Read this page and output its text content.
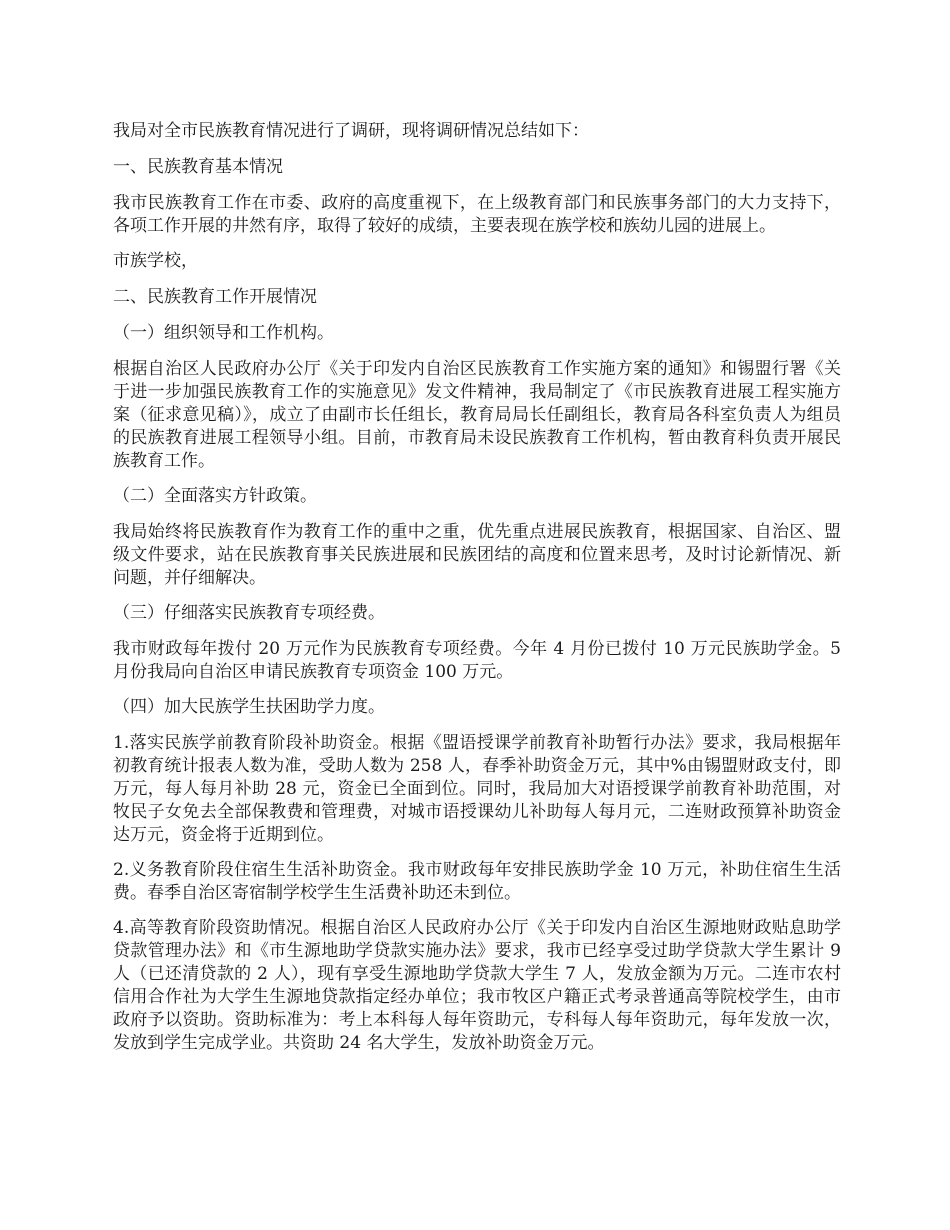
我局对全市民族教育情况进行了调研，现将调研情况总结如下：

一、民族教育基本情况

我市民族教育工作在市委、政府的高度重视下，在上级教育部门和民族事务部门的大力支持下，各项工作开展的井然有序，取得了较好的成绩，主要表现在族学校和族幼儿园的进展上。

市族学校，

二、民族教育工作开展情况

（一）组织领导和工作机构。

根据自治区人民政府办公厅《关于印发内自治区民族教育工作实施方案的通知》和锡盟行署《关于进一步加强民族教育工作的实施意见》发文件精神，我局制定了《市民族教育进展工程实施方案（征求意见稿）》，成立了由副市长任组长，教育局局长任副组长，教育局各科室负责人为组员的民族教育进展工程领导小组。目前，市教育局未设民族教育工作机构，暂由教育科负责开展民族教育工作。

（二）全面落实方针政策。

我局始终将民族教育作为教育工作的重中之重，优先重点进展民族教育，根据国家、自治区、盟级文件要求，站在民族教育事关民族进展和民族团结的高度和位置来思考，及时讨论新情况、新问题，并仔细解决。

（三）仔细落实民族教育专项经费。

我市财政每年拨付 20 万元作为民族教育专项经费。今年 4 月份已拨付 10 万元民族助学金。5 月份我局向自治区申请民族教育专项资金 100 万元。

（四）加大民族学生扶困助学力度。

1.落实民族学前教育阶段补助资金。根据《盟语授课学前教育补助暂行办法》要求，我局根据年初教育统计报表人数为准，受助人数为 258 人，春季补助资金万元，其中%由锡盟财政支付，即万元，每人每月补助 28 元，资金已全面到位。同时，我局加大对语授课学前教育补助范围，对牧民子女免去全部保教费和管理费，对城市语授课幼儿补助每人每月元，二连财政预算补助资金达万元，资金将于近期到位。

2.义务教育阶段住宿生生活补助资金。我市财政每年安排民族助学金 10 万元，补助住宿生生活费。春季自治区寄宿制学校学生生活费补助还未到位。

4.高等教育阶段资助情况。根据自治区人民政府办公厅《关于印发内自治区生源地财政贴息助学贷款管理办法》和《市生源地助学贷款实施办法》要求，我市已经享受过助学贷款大学生累计 9 人（已还清贷款的 2 人），现有享受生源地助学贷款大学生 7 人，发放金额为万元。二连市农村信用合作社为大学生生源地贷款指定经办单位；我市牧区户籍正式考录普通高等院校学生，由市政府予以资助。资助标准为：考上本科每人每年资助元，专科每人每年资助元，每年发放一次，发放到学生完成学业。共资助 24 名大学生，发放补助资金万元。
